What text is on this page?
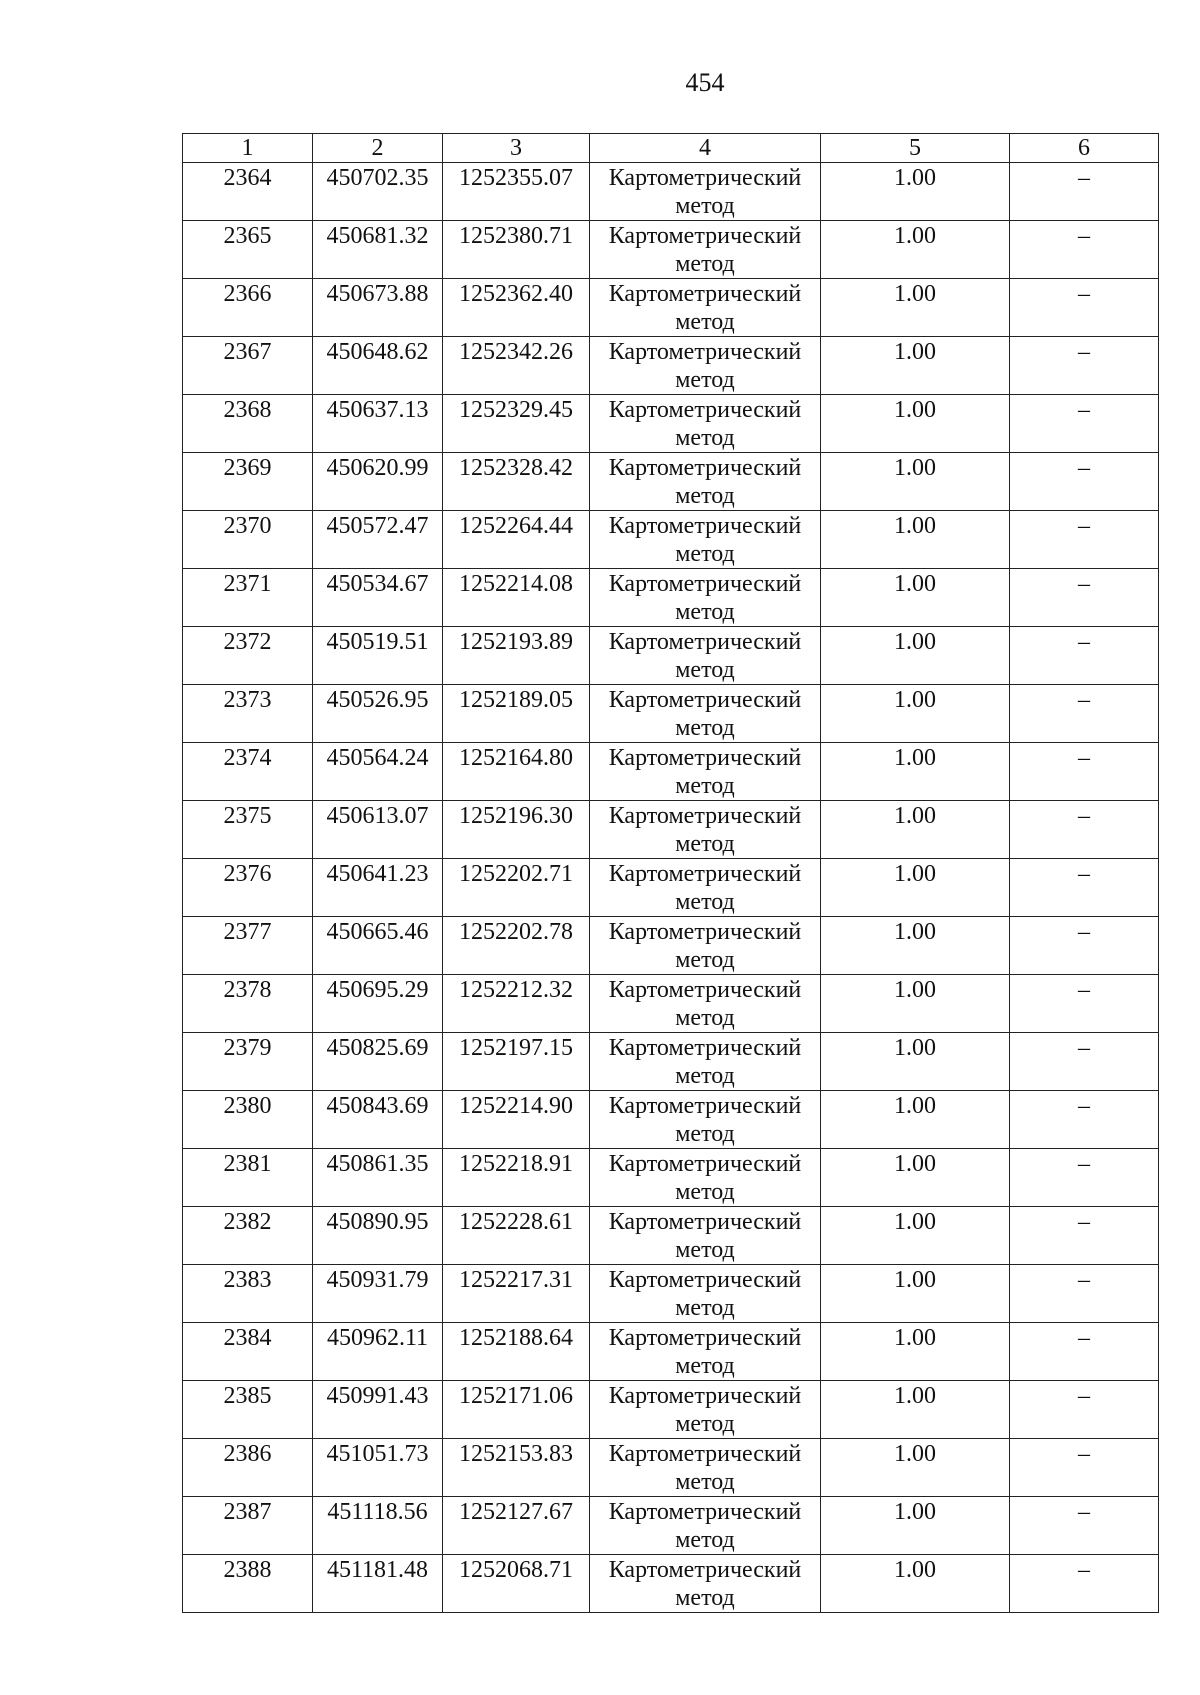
454
1	2	3	4	5	6
2364	450702.35	1252355.07	Картометрический метод	1.00	–
2365	450681.32	1252380.71	Картометрический метод	1.00	–
2366	450673.88	1252362.40	Картометрический метод	1.00	–
2367	450648.62	1252342.26	Картометрический метод	1.00	–
2368	450637.13	1252329.45	Картометрический метод	1.00	–
2369	450620.99	1252328.42	Картометрический метод	1.00	–
2370	450572.47	1252264.44	Картометрический метод	1.00	–
2371	450534.67	1252214.08	Картометрический метод	1.00	–
2372	450519.51	1252193.89	Картометрический метод	1.00	–
2373	450526.95	1252189.05	Картометрический метод	1.00	–
2374	450564.24	1252164.80	Картометрический метод	1.00	–
2375	450613.07	1252196.30	Картометрический метод	1.00	–
2376	450641.23	1252202.71	Картометрический метод	1.00	–
2377	450665.46	1252202.78	Картометрический метод	1.00	–
2378	450695.29	1252212.32	Картометрический метод	1.00	–
2379	450825.69	1252197.15	Картометрический метод	1.00	–
2380	450843.69	1252214.90	Картометрический метод	1.00	–
2381	450861.35	1252218.91	Картометрический метод	1.00	–
2382	450890.95	1252228.61	Картометрический метод	1.00	–
2383	450931.79	1252217.31	Картометрический метод	1.00	–
2384	450962.11	1252188.64	Картометрический метод	1.00	–
2385	450991.43	1252171.06	Картометрический метод	1.00	–
2386	451051.73	1252153.83	Картометрический метод	1.00	–
2387	451118.56	1252127.67	Картометрический метод	1.00	–
2388	451181.48	1252068.71	Картометрический метод	1.00	–
